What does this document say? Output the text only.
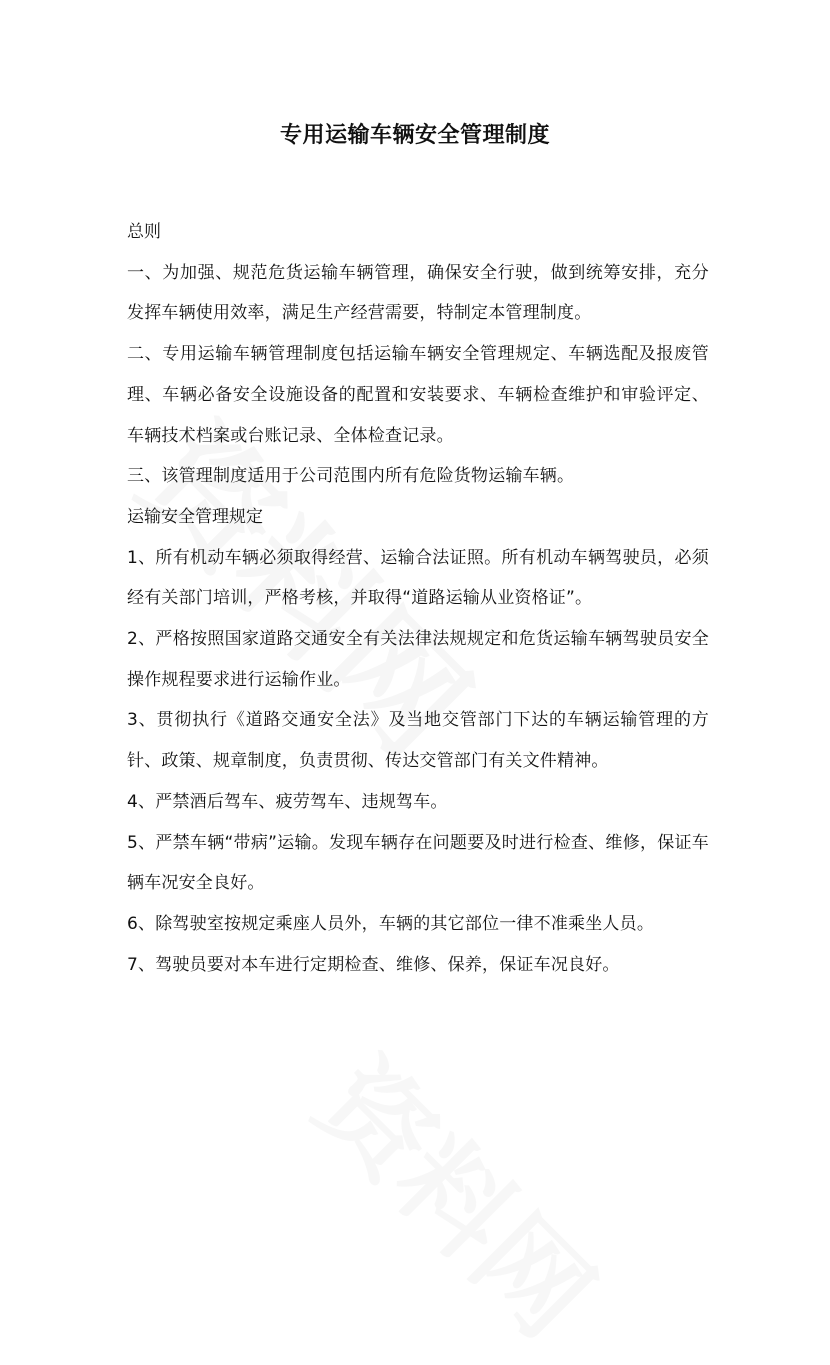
专用运输车辆安全管理制度

总则

一、为加强、规范危货运输车辆管理，确保安全行驶，做到统筹安排，充分发挥车辆使用效率，满足生产经营需要，特制定本管理制度。

二、专用运输车辆管理制度包括运输车辆安全管理规定、车辆选配及报废管理、车辆必备安全设施设备的配置和安装要求、车辆检查维护和审验评定、车辆技术档案或台账记录、全体检查记录。

三、该管理制度适用于公司范围内所有危险货物运输车辆。

运输安全管理规定

1、所有机动车辆必须取得经营、运输合法证照。所有机动车辆驾驶员，必须经有关部门培训，严格考核，并取得“道路运输从业资格证”。

2、严格按照国家道路交通安全有关法律法规规定和危货运输车辆驾驶员安全操作规程要求进行运输作业。

3、贯彻执行《道路交通安全法》及当地交管部门下达的车辆运输管理的方针、政策、规章制度，负责贯彻、传达交管部门有关文件精神。

4、严禁酒后驾车、疲劳驾车、违规驾车。

5、严禁车辆“带病”运输。发现车辆存在问题要及时进行检查、维修，保证车辆车况安全良好。

6、除驾驶室按规定乘座人员外，车辆的其它部位一律不准乘坐人员。

7、驾驶员要对本车进行定期检查、维修、保养，保证车况良好。
